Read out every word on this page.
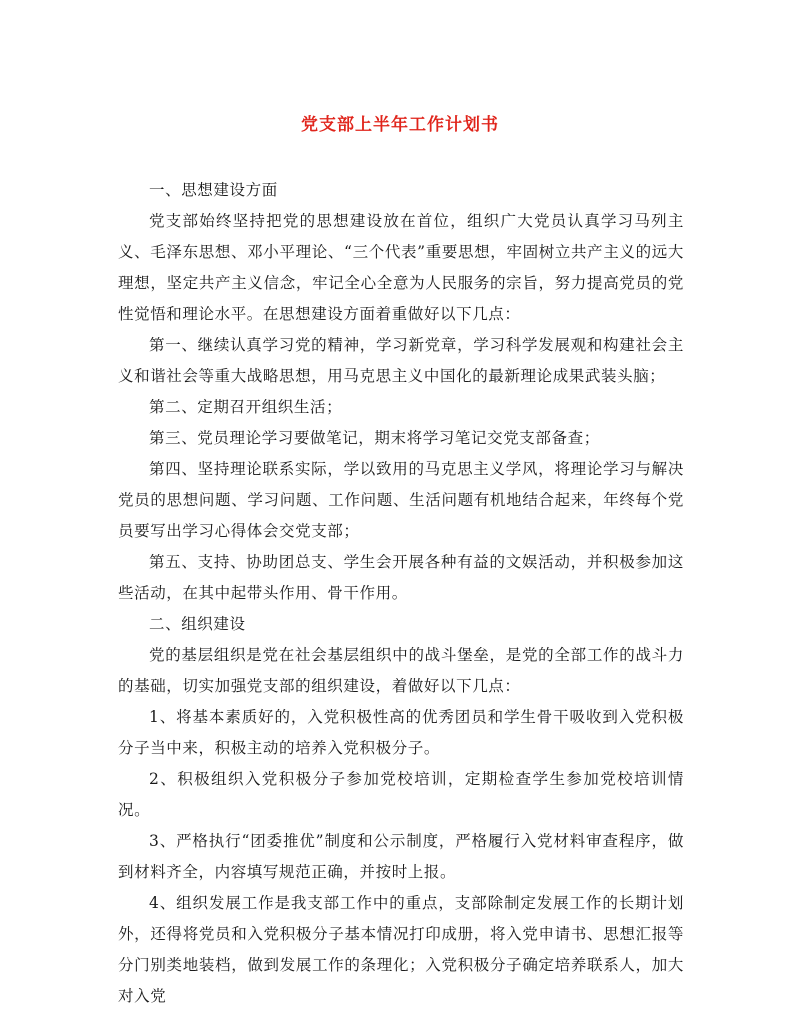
党支部上半年工作计划书

一、思想建设方面

党支部始终坚持把党的思想建设放在首位，组织广大党员认真学习马列主义、毛泽东思想、邓小平理论、“三个代表”重要思想，牢固树立共产主义的远大理想，坚定共产主义信念，牢记全心全意为人民服务的宗旨，努力提高党员的党性觉悟和理论水平。在思想建设方面着重做好以下几点：

第一、继续认真学习党的精神，学习新党章，学习科学发展观和构建社会主义和谐社会等重大战略思想，用马克思主义中国化的最新理论成果武装头脑；

第二、定期召开组织生活；

第三、党员理论学习要做笔记，期末将学习笔记交党支部备查；

第四、坚持理论联系实际，学以致用的马克思主义学风，将理论学习与解决党员的思想问题、学习问题、工作问题、生活问题有机地结合起来，年终每个党员要写出学习心得体会交党支部；

第五、支持、协助团总支、学生会开展各种有益的文娱活动，并积极参加这些活动，在其中起带头作用、骨干作用。

二、组织建设

党的基层组织是党在社会基层组织中的战斗堡垒，是党的全部工作的战斗力的基础，切实加强党支部的组织建设，着做好以下几点：

1、将基本素质好的，入党积极性高的优秀团员和学生骨干吸收到入党积极分子当中来，积极主动的培养入党积极分子。

2、积极组织入党积极分子参加党校培训，定期检查学生参加党校培训情况。

3、严格执行“团委推优”制度和公示制度，严格履行入党材料审查程序，做到材料齐全，内容填写规范正确，并按时上报。

4、组织发展工作是我支部工作中的重点，支部除制定发展工作的长期计划外，还得将党员和入党积极分子基本情况打印成册，将入党申请书、思想汇报等分门别类地装档，做到发展工作的条理化；入党积极分子确定培养联系人，加大对入党
